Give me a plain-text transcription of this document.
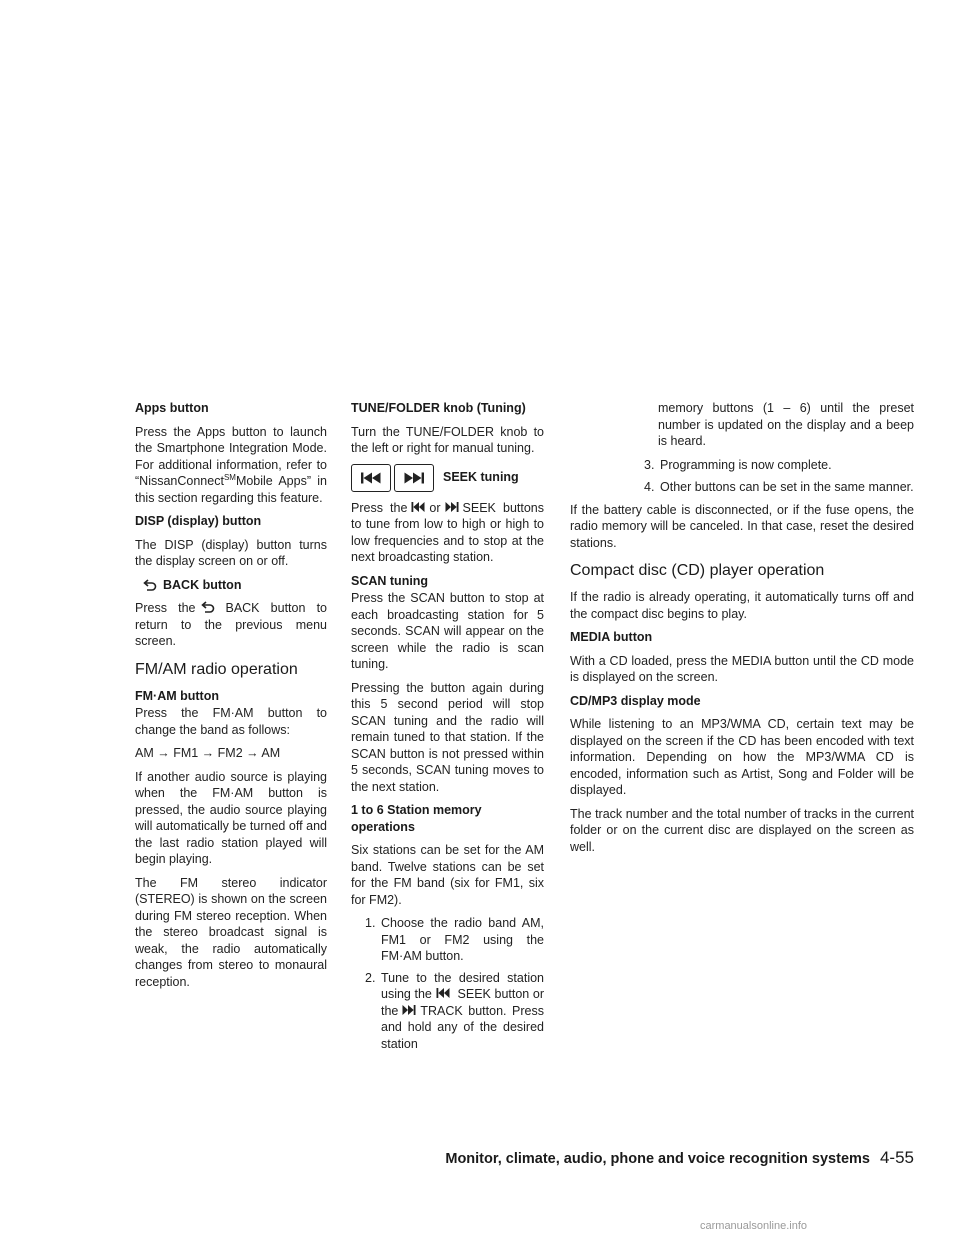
Apps button

Press the Apps button to launch the Smartphone Integration Mode. For additional information, refer to “NissanConnect℠Mobile Apps” in this section regarding this feature.

DISP (display) button

The DISP (display) button turns the display screen on or off.

BACK button

Press the BACK button to return to the previous menu screen.

FM/AM radio operation
FM·AM button

Press the FM·AM button to change the band as follows:

AM → FM1 → FM2 → AM

If another audio source is playing when the FM·AM button is pressed, the audio source playing will automatically be turned off and the last radio station played will begin playing.

The FM stereo indicator (STEREO) is shown on the screen during FM stereo reception. When the stereo broadcast signal is weak, the radio automatically changes from stereo to monaural reception.

TUNE/FOLDER knob (Tuning)

Turn the TUNE/FOLDER knob to the left or right for manual tuning.

SEEK tuning

Press the or SEEK buttons to tune from low to high or high to low frequencies and to stop at the next broadcasting station.

SCAN tuning

Press the SCAN button to stop at each broadcasting station for 5 seconds. SCAN will appear on the screen while the radio is scan tuning.

Pressing the button again during this 5 second period will stop SCAN tuning and the radio will remain tuned to that station. If the SCAN button is not pressed within 5 seconds, SCAN tuning moves to the next station.

1 to 6 Station memory operations

Six stations can be set for the AM band. Twelve stations can be set for the FM band (six for FM1, six for FM2).

1. Choose the radio band AM, FM1 or FM2 using the FM·AM button.
2. Tune to the desired station using the SEEK button or the TRACK button. Press and hold any of the desired station

memory buttons (1 – 6) until the preset number is updated on the display and a beep is heard.

3. Programming is now complete.
4. Other buttons can be set in the same manner.

If the battery cable is disconnected, or if the fuse opens, the radio memory will be canceled. In that case, reset the desired stations.

Compact disc (CD) player operation

If the radio is already operating, it automatically turns off and the compact disc begins to play.

MEDIA button

With a CD loaded, press the MEDIA button until the CD mode is displayed on the screen.

CD/MP3 display mode

While listening to an MP3/WMA CD, certain text may be displayed on the screen if the CD has been encoded with text information. Depending on how the MP3/WMA CD is encoded, information such as Artist, Song and Folder will be displayed.

The track number and the total number of tracks in the current folder or on the current disc are displayed on the screen as well.

Monitor, climate, audio, phone and voice recognition systems 4-55
carmanualsonline.info
